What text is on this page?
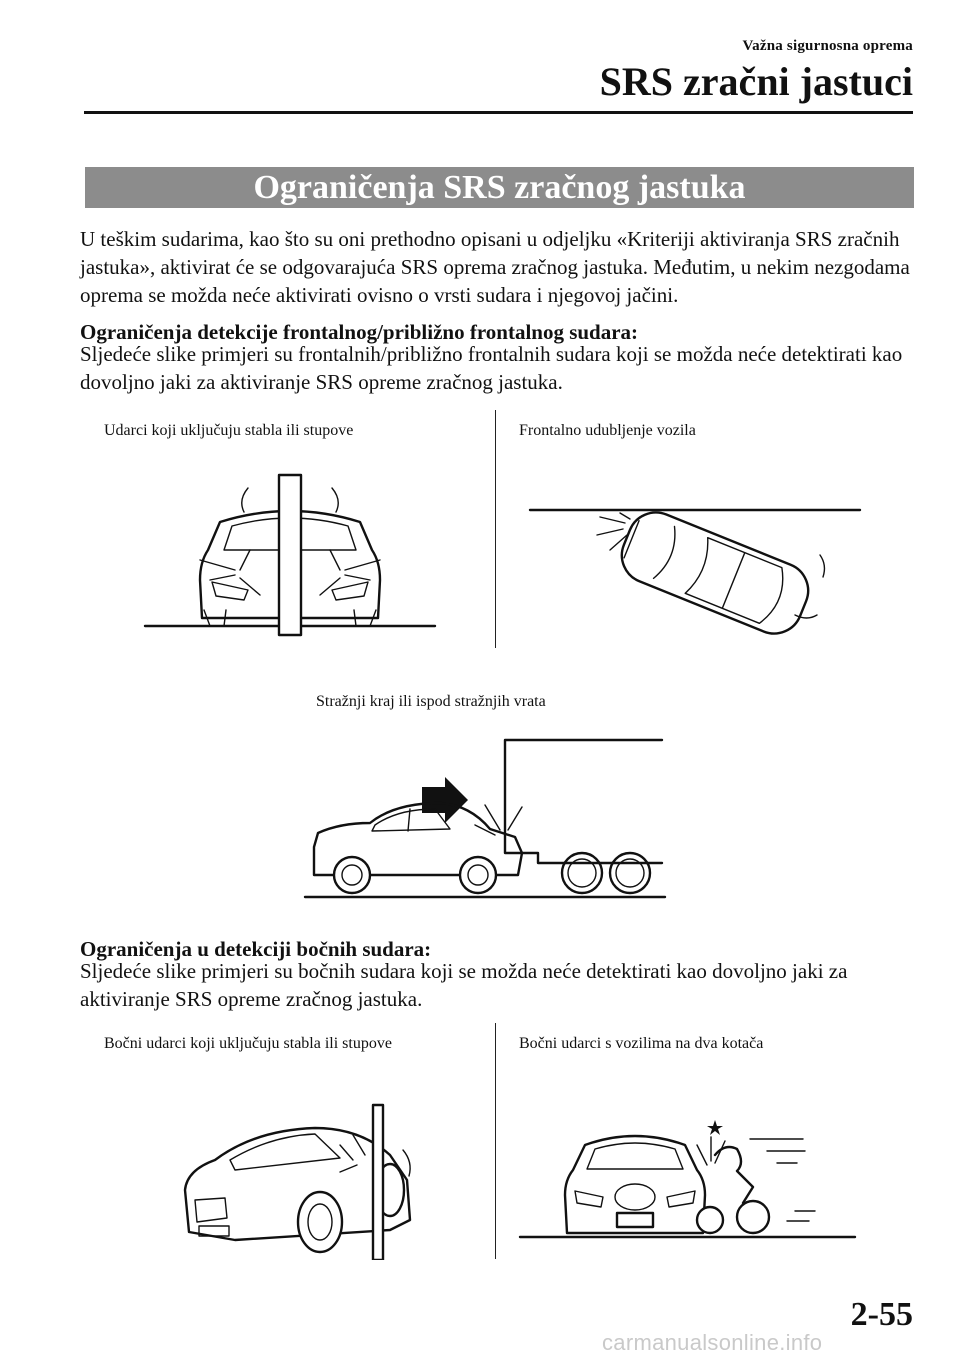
Važna sigurnosna oprema
SRS zračni jastuci
Ograničenja SRS zračnog jastuka
U teškim sudarima, kao što su oni prethodno opisani u odjeljku «Kriteriji aktiviranja SRS zračnih jastuka», aktivirat će se odgovarajuća SRS oprema zračnog jastuka. Međutim, u nekim nezgodama oprema se možda neće aktivirati ovisno o vrsti sudara i njegovoj jačini.
Ograničenja detekcije frontalnog/približno frontalnog sudara:
Sljedeće slike primjeri su frontalnih/približno frontalnih sudara koji se možda neće detektirati kao dovoljno jaki za aktiviranje SRS opreme zračnog jastuka.
Udarci koji uključuju stabla ili stupove	Frontalno udubljenje vozila
Stražnji kraj ili ispod stražnjih vrata
Ograničenja u detekciji bočnih sudara:
Sljedeće slike primjeri su bočnih sudara koji se možda neće detektirati kao dovoljno jaki za aktiviranje SRS opreme zračnog jastuka.
Bočni udarci koji uključuju stabla ili stupove	Bočni udarci s vozilima na dva kotača
2-55
carmanualsonline.info
